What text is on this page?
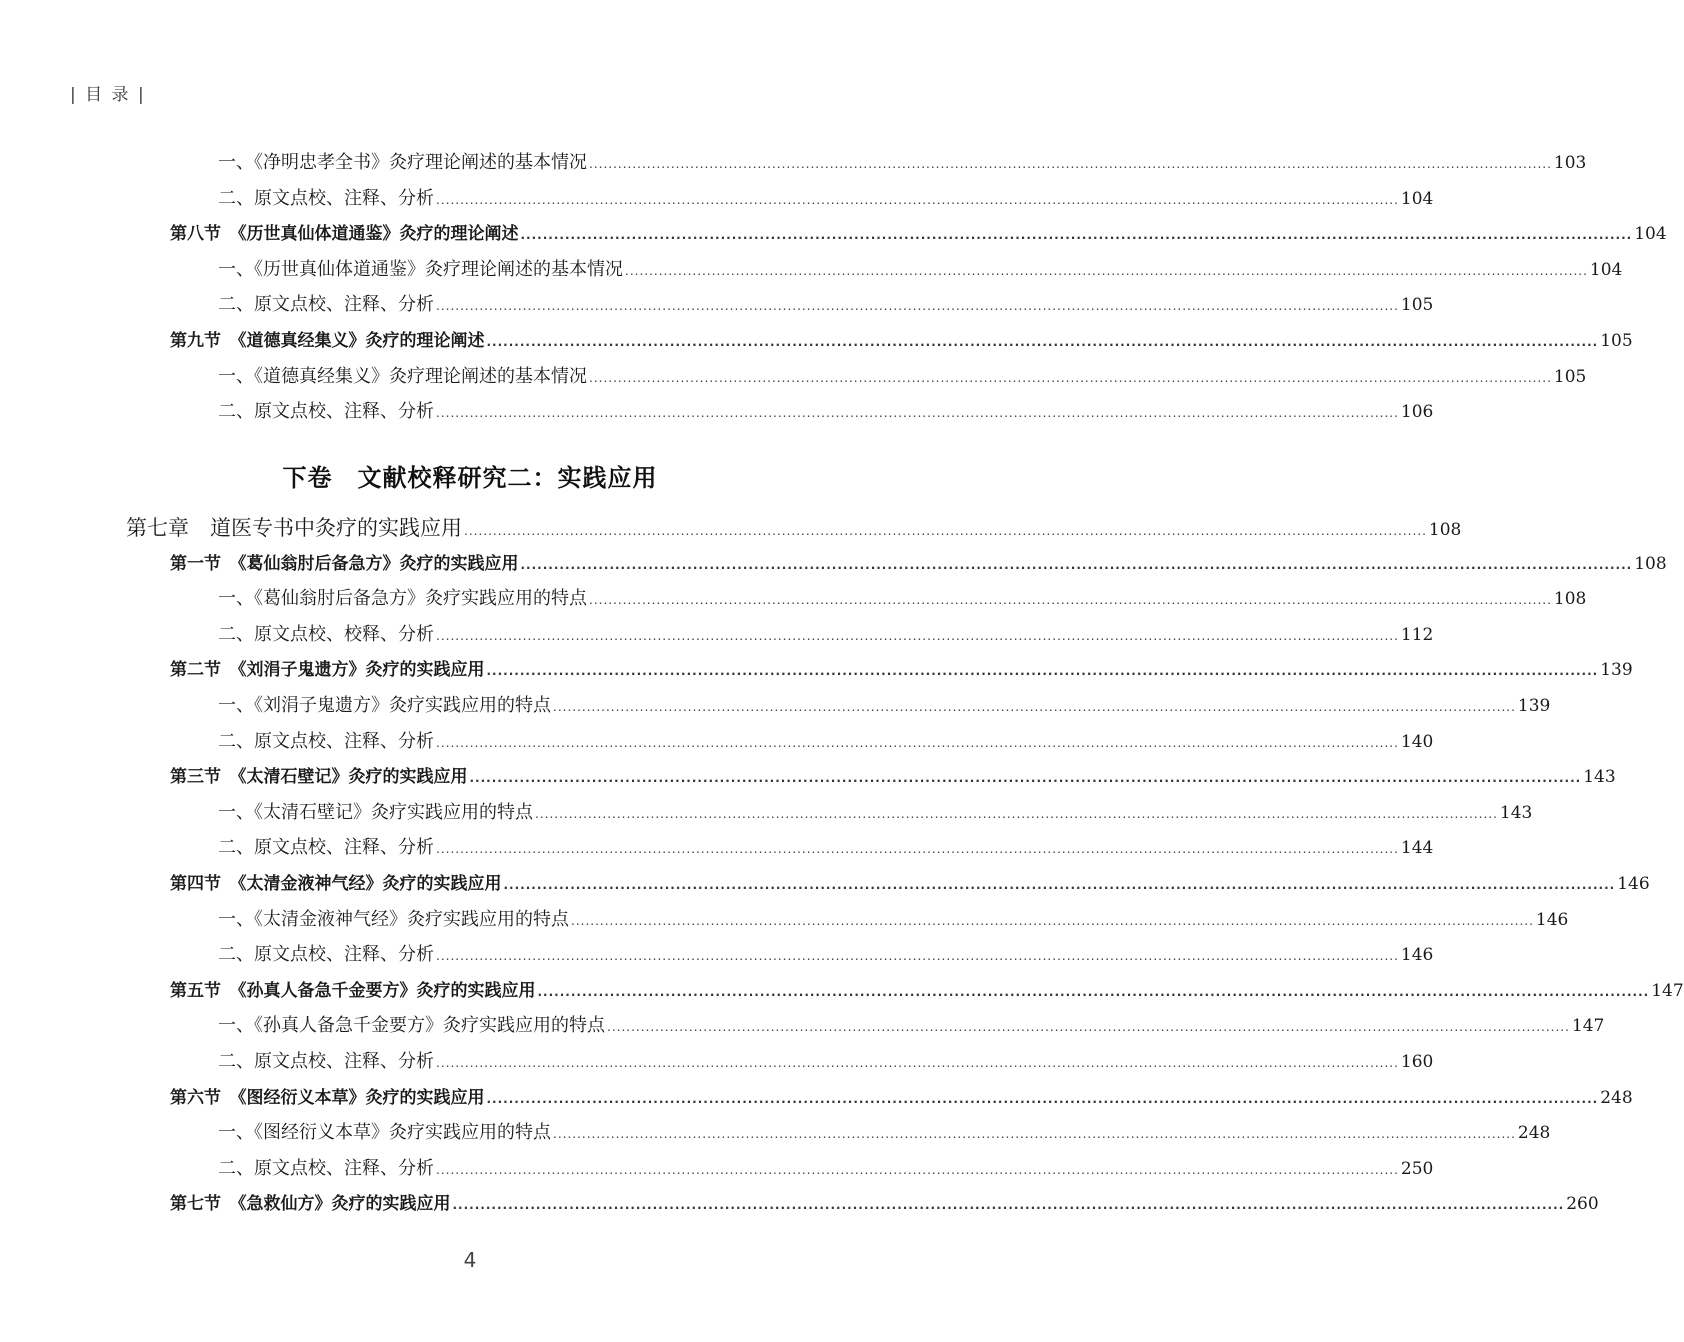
| 目 录 |
一、《净明忠孝全书》灸疗理论阐述的基本情况 ........................................................................................................................................................................................................ 103
二、原文点校、注释、分析 ........................................................................................................................................................................................................ 104
第八节　《历世真仙体道通鉴》灸疗的理论阐述 ........................................................................................................................................................................................................ 104
一、《历世真仙体道通鉴》灸疗理论阐述的基本情况 ........................................................................................................................................................................................................ 104
二、原文点校、注释、分析 ........................................................................................................................................................................................................ 105
第九节　《道德真经集义》灸疗的理论阐述 ........................................................................................................................................................................................................ 105
一、《道德真经集义》灸疗理论阐述的基本情况 ........................................................................................................................................................................................................ 105
二、原文点校、注释、分析 ........................................................................................................................................................................................................ 106
下卷　文献校释研究二：实践应用
第七章　道医专书中灸疗的实践应用 ........................................................................................................................................................................................................ 108
第一节　《葛仙翁肘后备急方》灸疗的实践应用 ........................................................................................................................................................................................................ 108
一、《葛仙翁肘后备急方》灸疗实践应用的特点 ........................................................................................................................................................................................................ 108
二、原文点校、校释、分析 ........................................................................................................................................................................................................ 112
第二节　《刘涓子鬼遗方》灸疗的实践应用 ........................................................................................................................................................................................................ 139
一、《刘涓子鬼遗方》灸疗实践应用的特点 ........................................................................................................................................................................................................ 139
二、原文点校、注释、分析 ........................................................................................................................................................................................................ 140
第三节　《太清石壁记》灸疗的实践应用 ........................................................................................................................................................................................................ 143
一、《太清石壁记》灸疗实践应用的特点 ........................................................................................................................................................................................................ 143
二、原文点校、注释、分析 ........................................................................................................................................................................................................ 144
第四节　《太清金液神气经》灸疗的实践应用 ........................................................................................................................................................................................................ 146
一、《太清金液神气经》灸疗实践应用的特点 ........................................................................................................................................................................................................ 146
二、原文点校、注释、分析 ........................................................................................................................................................................................................ 146
第五节　《孙真人备急千金要方》灸疗的实践应用 ........................................................................................................................................................................................................ 147
一、《孙真人备急千金要方》灸疗实践应用的特点 ........................................................................................................................................................................................................ 147
二、原文点校、注释、分析 ........................................................................................................................................................................................................ 160
第六节　《图经衍义本草》灸疗的实践应用 ........................................................................................................................................................................................................ 248
一、《图经衍义本草》灸疗实践应用的特点 ........................................................................................................................................................................................................ 248
二、原文点校、注释、分析 ........................................................................................................................................................................................................ 250
第七节　《急救仙方》灸疗的实践应用 ........................................................................................................................................................................................................ 260
4
